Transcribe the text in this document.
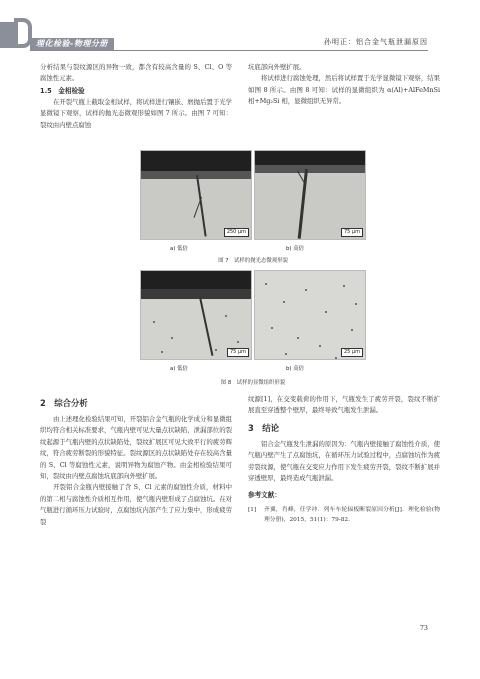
理化检验-物理分册	孙明正：铝合金气瓶泄漏原因

分析结果与裂纹源区的异物一致，都含有较高含量的 S、Cl、O 等腐蚀性元素。

1.5　金相检验

在开裂气瓶上截取金相试样，将试样进行镶嵌、磨抛后置于光学显微镜下观察，试样的抛光态微观形貌如图 7 所示。由图 7 可知：裂纹由内壁点腐蚀

坑底部向外壁扩展。

将试样进行腐蚀处理，然后将试样置于光学显微镜下观察，结果如图 8 所示。由图 8 可知：试样的显微组织为 α(Al)+AlFeMnSi 相+Mg₂Si 相，显微组织无异常。

250 μm	75 μm
a) 低倍	b) 高倍
图 7　试样的抛光态微观形貌
75 μm	25 μm
a) 低倍	b) 高倍
图 8　试样的显微组织形貌
2　综合分析

由上述理化检验结果可知，开裂铝合金气瓶的化学成分和显微组织均符合相关标准要求，气瓶内壁可见大量点状缺陷，泄漏部位的裂纹起源于气瓶内壁的点状缺陷处，裂纹扩展区可见大致平行的疲劳辉纹，符合疲劳断裂的形貌特征。裂纹源区的点状缺陷处存在较高含量的 S、Cl 等腐蚀性元素，说明异物为腐蚀产物。由金相检验结果可知，裂纹由内壁点腐蚀坑底部向外壁扩展。

开裂铝合金瓶内壁接触了含 S、Cl 元素的腐蚀性介质，材料中的第二相与腐蚀性介质相互作用，使气瓶内壁形成了点腐蚀坑。在对气瓶进行循环压力试验时，点腐蚀坑内部产生了应力集中，形成疲劳裂

纹源[1]，在交变载荷的作用下，气瓶发生了疲劳开裂，裂纹不断扩展直至穿透整个壁厚，最终导致气瓶发生泄漏。

3　结论

铝合金气瓶发生泄漏的原因为：气瓶内壁接触了腐蚀性介质，使气瓶内壁产生了点腐蚀坑，在循环压力试验过程中，点腐蚀坑作为疲劳裂纹源，使气瓶在交变应力作用下发生疲劳开裂，裂纹不断扩展并穿透壁厚，最终造成气瓶泄漏。

参考文献：
[1]	齐翼，肖峰，任学冲．列车车轮辐板断裂原因分析[J]．理化检验(物理分册)，2015，51(1)：79-82．
73
